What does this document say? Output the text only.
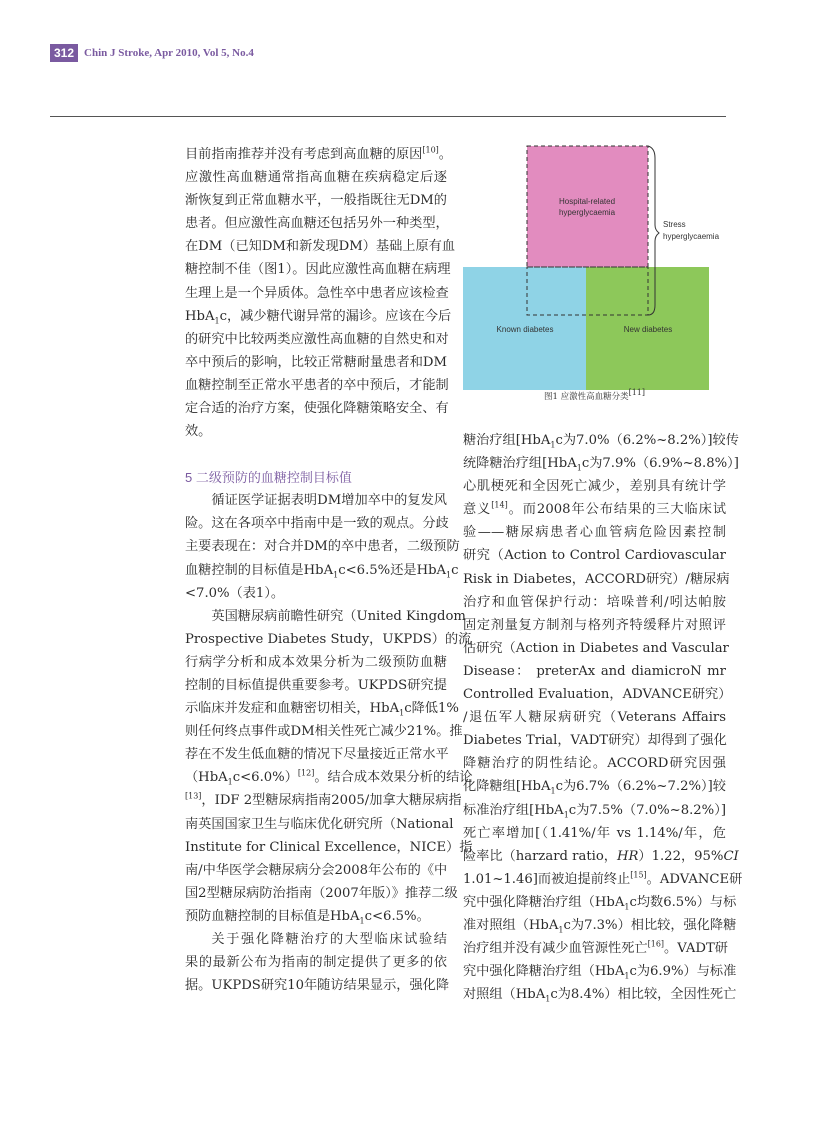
312 Chin J Stroke, Apr 2010, Vol 5, No.4

目前指南推荐并没有考虑到高血糖的原因[10]。
应激性高血糖通常指高血糖在疾病稳定后逐
渐恢复到正常血糖水平，一般指既往无DM的
患者。但应激性高血糖还包括另外一种类型，
在DM（已知DM和新发现DM）基础上原有血
糖控制不佳（图1）。因此应激性高血糖在病理
生理上是一个异质体。急性卒中患者应该检查
HbA$_1$c，减少糖代谢异常的漏诊。应该在今后
的研究中比较两类应激性高血糖的自然史和对
卒中预后的影响，比较正常糖耐量患者和DM
血糖控制至正常水平患者的卒中预后，才能制
定合适的治疗方案，使强化降糖策略安全、有
效。

5 二级预防的血糖控制目标值

循证医学证据表明DM增加卒中的复发风
险。这在各项卒中指南中是一致的观点。分歧
主要表现在：对合并DM的卒中患者，二级预防
血糖控制的目标值是HbA$_1$c<6.5%还是HbA$_1$c
<7.0%（表1）。

英国糖尿病前瞻性研究（United Kingdom
Prospective Diabetes Study，UKPDS）的流
行病学分析和成本效果分析为二级预防血糖
控制的目标值提供重要参考。UKPDS研究提
示临床并发症和血糖密切相关，HbA$_1$c降低1%
则任何终点事件或DM相关性死亡减少21%。推
荐在不发生低血糖的情况下尽量接近正常水平
（HbA$_1$c<6.0%）[12]。结合成本效果分析的结论
[13]，IDF 2型糖尿病指南2005/加拿大糖尿病指
南英国国家卫生与临床优化研究所（National
Institute for Clinical Excellence，NICE）指
南/中华医学会糖尿病分会2008年公布的《中
国2型糖尿病防治指南（2007年版）》推荐二级
预防血糖控制的目标值是HbA$_1$c<6.5%。

关于强化降糖治疗的大型临床试验结
果的最新公布为指南的制定提供了更多的依
据。UKPDS研究10年随访结果显示，强化降

Hospital-related
hyperglycaemia
Stress
hyperglycaemia
Known diabetes	New diabetes
图1 应激性高血糖分类[11]

糖治疗组[HbA$_1$c为7.0%（6.2%~8.2%）]较传
统降糖治疗组[HbA$_1$c为7.9%（6.9%~8.8%）]
心肌梗死和全因死亡减少，差别具有统计学
意义[14]。而2008年公布结果的三大临床试
验——糖尿病患者心血管病危险因素控制
研究（Action to Control Cardiovascular
Risk in Diabetes，ACCORD研究）/糖尿病
治疗和血管保护行动：培哚普利/吲达帕胺
固定剂量复方制剂与格列齐特缓释片对照评
估研究（Action in Diabetes and Vascular
Disease： preterAx and diamicroN mr
Controlled Evaluation，ADVANCE研究）
/退伍军人糖尿病研究（Veterans Affairs
Diabetes Trial，VADT研究）却得到了强化
降糖治疗的阴性结论。ACCORD研究因强
化降糖组[HbA$_1$c为6.7%（6.2%~7.2%）]较
标准治疗组[HbA$_1$c为7.5%（7.0%~8.2%）]
死亡率增加[（1.41%/年 vs 1.14%/年，危
险率比（harzard ratio，HR）1.22，95%CI
1.01~1.46]而被迫提前终止[15]。ADVANCE研
究中强化降糖治疗组（HbA$_1$c均数6.5%）与标
准对照组（HbA$_1$c为7.3%）相比较，强化降糖
治疗组并没有减少血管源性死亡[16]。VADT研
究中强化降糖治疗组（HbA$_1$c为6.9%）与标准
对照组（HbA$_1$c为8.4%）相比较，全因性死亡
